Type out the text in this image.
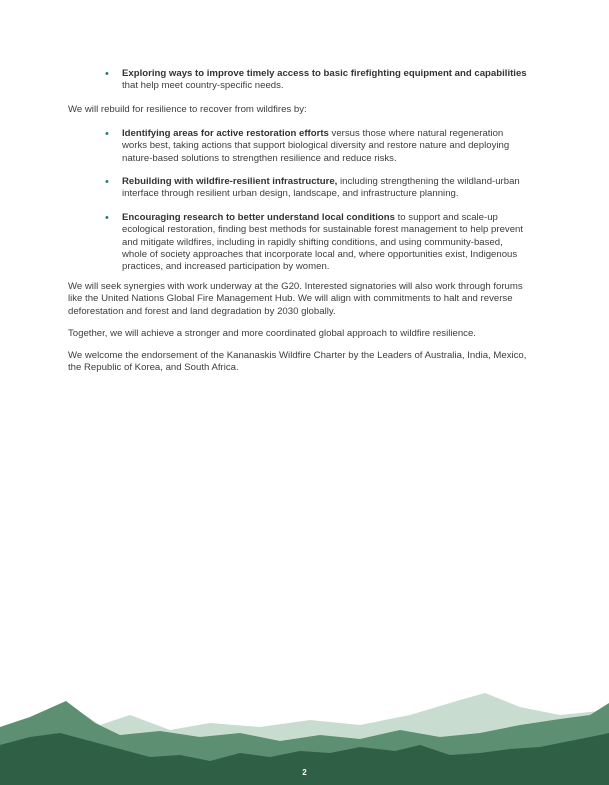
• Exploring ways to improve timely access to basic firefighting equipment and capabilities that help meet country-specific needs.

We will rebuild for resilience to recover from wildfires by:

• Identifying areas for active restoration efforts versus those where natural regeneration works best, taking actions that support biological diversity and restore nature and deploying nature-based solutions to strengthen resilience and reduce risks.
• Rebuilding with wildfire-resilient infrastructure, including strengthening the wildland-urban interface through resilient urban design, landscape, and infrastructure planning.
• Encouraging research to better understand local conditions to support and scale-up ecological restoration, finding best methods for sustainable forest management to help prevent and mitigate wildfires, including in rapidly shifting conditions, and using community-based, whole of society approaches that incorporate local and, where opportunities exist, Indigenous practices, and increased participation by women.

We will seek synergies with work underway at the G20. Interested signatories will also work through forums like the United Nations Global Fire Management Hub. We will align with commitments to halt and reverse deforestation and forest and land degradation by 2030 globally.

Together, we will achieve a stronger and more coordinated global approach to wildfire resilience.

We welcome the endorsement of the Kananaskis Wildfire Charter by the Leaders of Australia, India, Mexico, the Republic of Korea, and South Africa.

2
